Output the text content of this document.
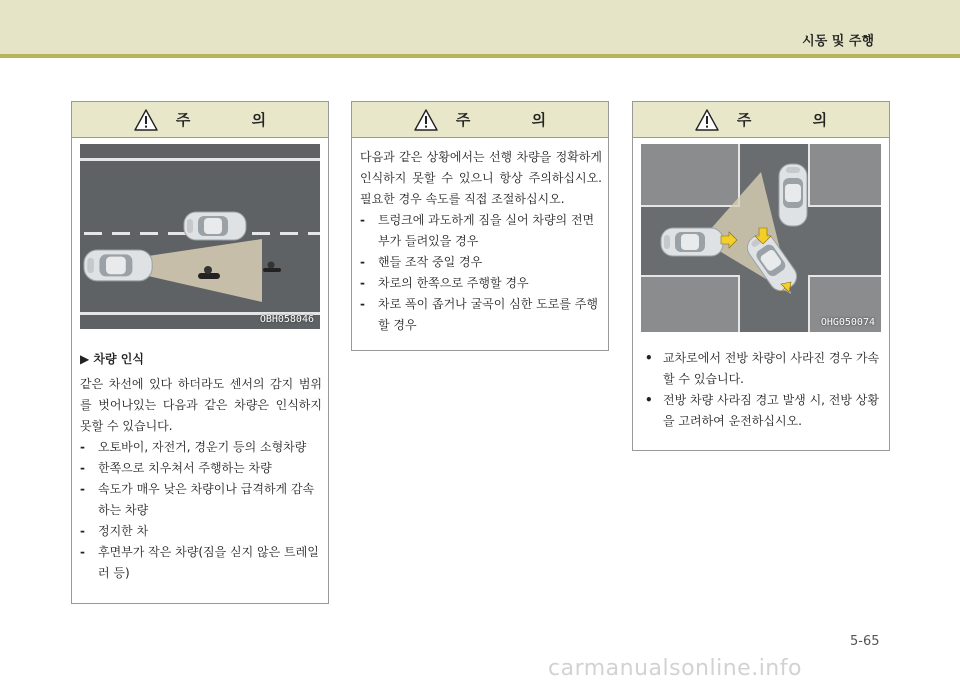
시동 및 주행
주 의
OBH058046
▶ 차량 인식
같은 차선에 있다 하더라도 센서의 감지 범위를 벗어나있는 다음과 같은 차량은 인식하지 못할 수 있습니다.
-	오토바이, 자전거, 경운기 등의 소형차량
-	한쪽으로 치우쳐서 주행하는 차량
-	속도가 매우 낮은 차량이나 급격하게 감속하는 차량
-	정지한 차
-	후면부가 작은 차량(짐을 싣지 않은 트레일러 등)
주 의
다음과 같은 상황에서는 선행 차량을 정확하게 인식하지 못할 수 있으니 항상 주의하십시오. 필요한 경우 속도를 직접 조절하십시오.
-	트렁크에 과도하게 짐을 실어 차량의 전면부가 들려있을 경우
-	핸들 조작 중일 경우
-	차로의 한쪽으로 주행할 경우
-	차로 폭이 좁거나 굴곡이 심한 도로를 주행할 경우
주 의
OHG050074
• 교차로에서 전방 차량이 사라진 경우 가속할 수 있습니다.
• 전방 차량 사라짐 경고 발생 시, 전방 상황을 고려하여 운전하십시오.
5-65
carmanualsonline.info
